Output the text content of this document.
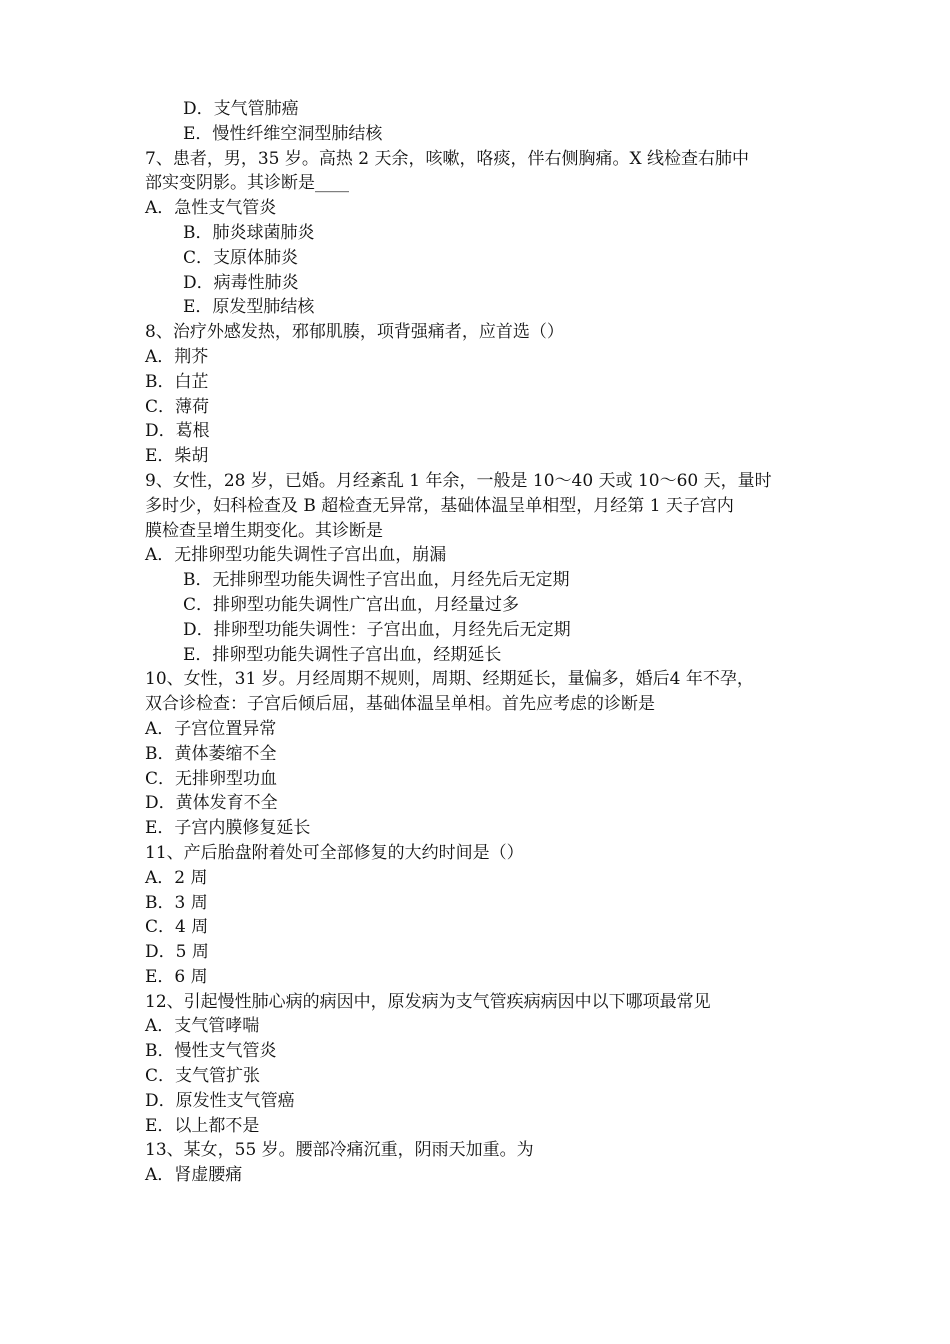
D．支气管肺癌
E．慢性纤维空洞型肺结核
7、患者，男，35 岁。高热 2 天余，咳嗽，咯痰，伴右侧胸痛。X 线检查右肺中
部实变阴影。其诊断是____
A．急性支气管炎
B．肺炎球菌肺炎
C．支原体肺炎
D．病毒性肺炎
E．原发型肺结核
8、治疗外感发热，邪郁肌腠，项背强痛者，应首选（）
A．荆芥
B．白芷
C．薄荷
D．葛根
E．柴胡
9、女性，28 岁，已婚。月经紊乱 1 年余，一般是 10～40 天或 10～60 天，量时
多时少，妇科检查及 B 超检查无异常，基础体温呈单相型，月经第 1 天子宫内
膜检查呈增生期变化。其诊断是
A．无排卵型功能失调性子宫出血，崩漏
B．无排卵型功能失调性子宫出血，月经先后无定期
C．排卵型功能失调性广宫出血，月经量过多
D．排卵型功能失调性：子宫出血，月经先后无定期
E．排卵型功能失调性子宫出血，经期延长
10、女性，31 岁。月经周期不规则，周期、经期延长，量偏多，婚后4 年不孕，
双合诊检查：子宫后倾后屈，基础体温呈单相。首先应考虑的诊断是
A．子宫位置异常
B．黄体萎缩不全
C．无排卵型功血
D．黄体发育不全
E．子宫内膜修复延长
11、产后胎盘附着处可全部修复的大约时间是（）
A．2 周
B．3 周
C．4 周
D．5 周
E．6 周
12、引起慢性肺心病的病因中，原发病为支气管疾病病因中以下哪项最常见
A．支气管哮喘
B．慢性支气管炎
C．支气管扩张
D．原发性支气管癌
E．以上都不是
13、某女，55 岁。腰部冷痛沉重，阴雨天加重。为
A．肾虚腰痛
